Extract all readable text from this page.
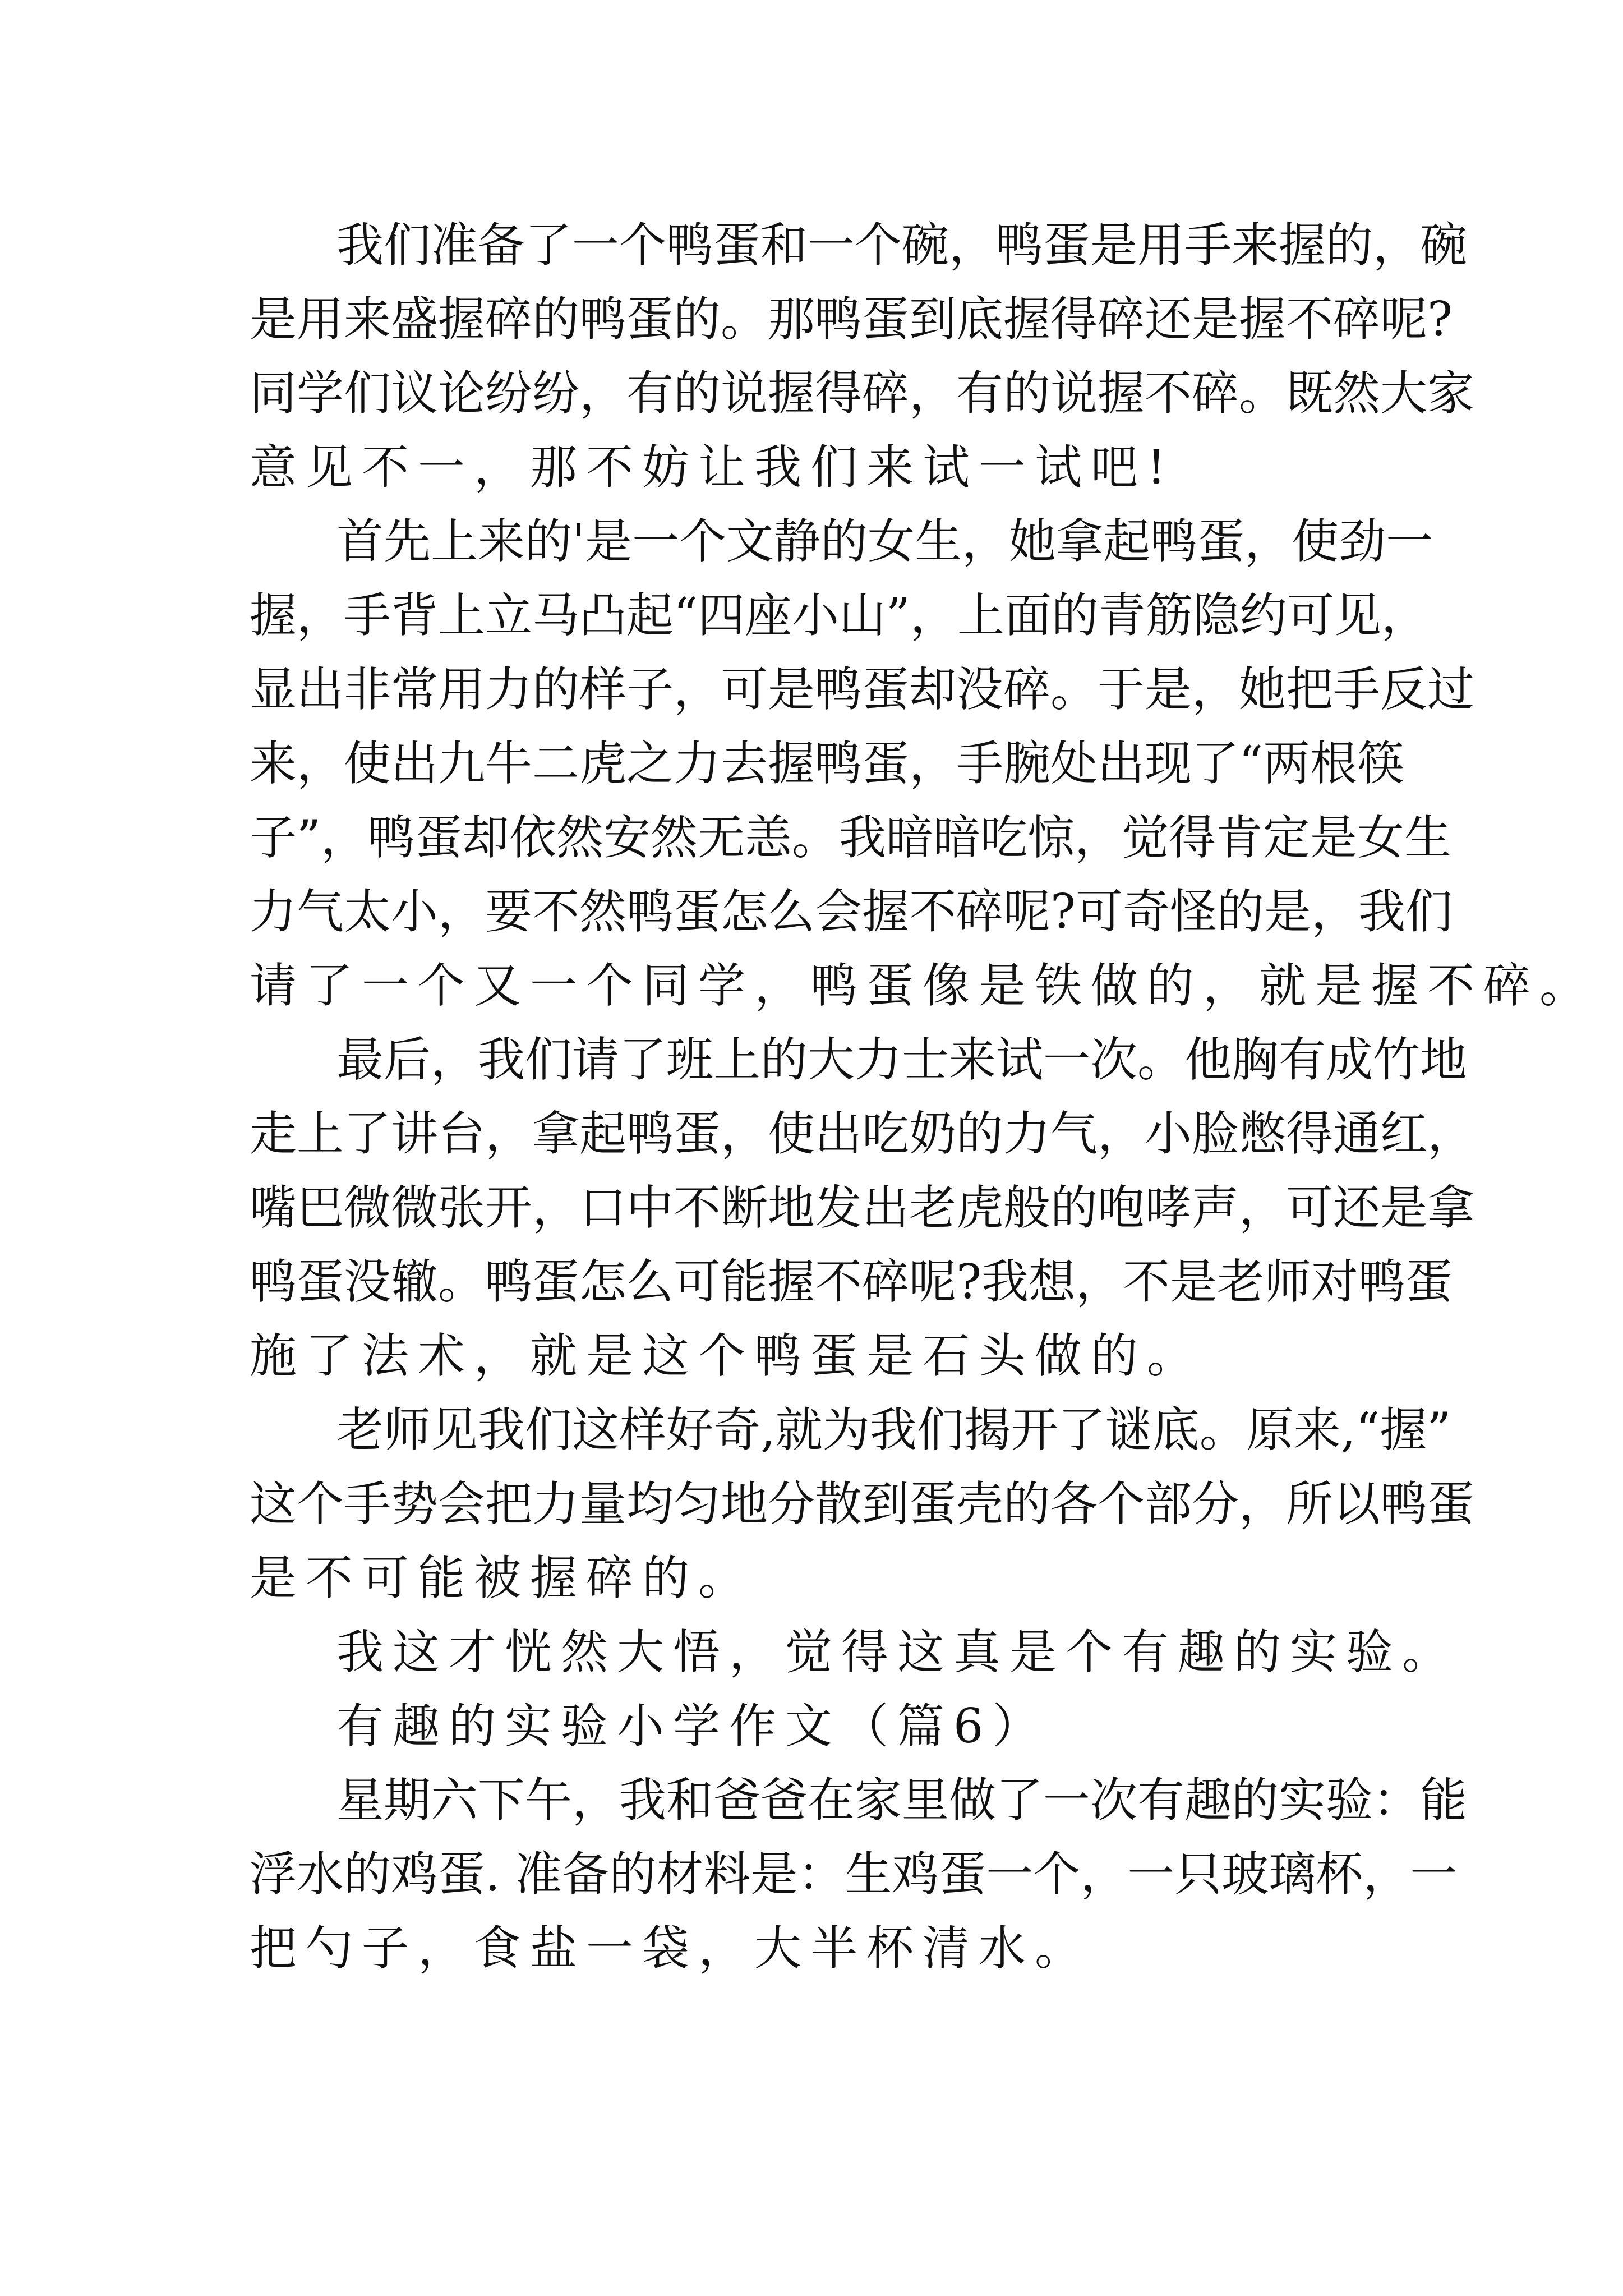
我们准备了一个鸭蛋和一个碗，鸭蛋是用手来握的，碗
是用来盛握碎的鸭蛋的。那鸭蛋到底握得碎还是握不碎呢?
同学们议论纷纷，有的说握得碎，有的说握不碎。既然大家
意见不一，那不妨让我们来试一试吧!
首先上来的'是一个文静的女生，她拿起鸭蛋，使劲一
握，手背上立马凸起“四座小山”，上面的青筋隐约可见，
显出非常用力的样子，可是鸭蛋却没碎。于是，她把手反过
来，使出九牛二虎之力去握鸭蛋，手腕处出现了“两根筷
子”，鸭蛋却依然安然无恙。我暗暗吃惊，觉得肯定是女生
力气太小，要不然鸭蛋怎么会握不碎呢?可奇怪的是，我们
请了一个又一个同学，鸭蛋像是铁做的，就是握不碎。
最后，我们请了班上的大力士来试一次。他胸有成竹地
走上了讲台，拿起鸭蛋，使出吃奶的力气，小脸憋得通红，
嘴巴微微张开，口中不断地发出老虎般的咆哮声，可还是拿
鸭蛋没辙。鸭蛋怎么可能握不碎呢?我想，不是老师对鸭蛋
施了法术，就是这个鸭蛋是石头做的。
老师见我们这样好奇,就为我们揭开了谜底。原来,“握”
这个手势会把力量均匀地分散到蛋壳的各个部分，所以鸭蛋
是不可能被握碎的。
我这才恍然大悟，觉得这真是个有趣的实验。
有趣的实验小学作文（篇6）
星期六下午，我和爸爸在家里做了一次有趣的实验：能
浮水的鸡蛋. 准备的材料是：生鸡蛋一个，一只玻璃杯，一
把勺子，食盐一袋，大半杯清水。
